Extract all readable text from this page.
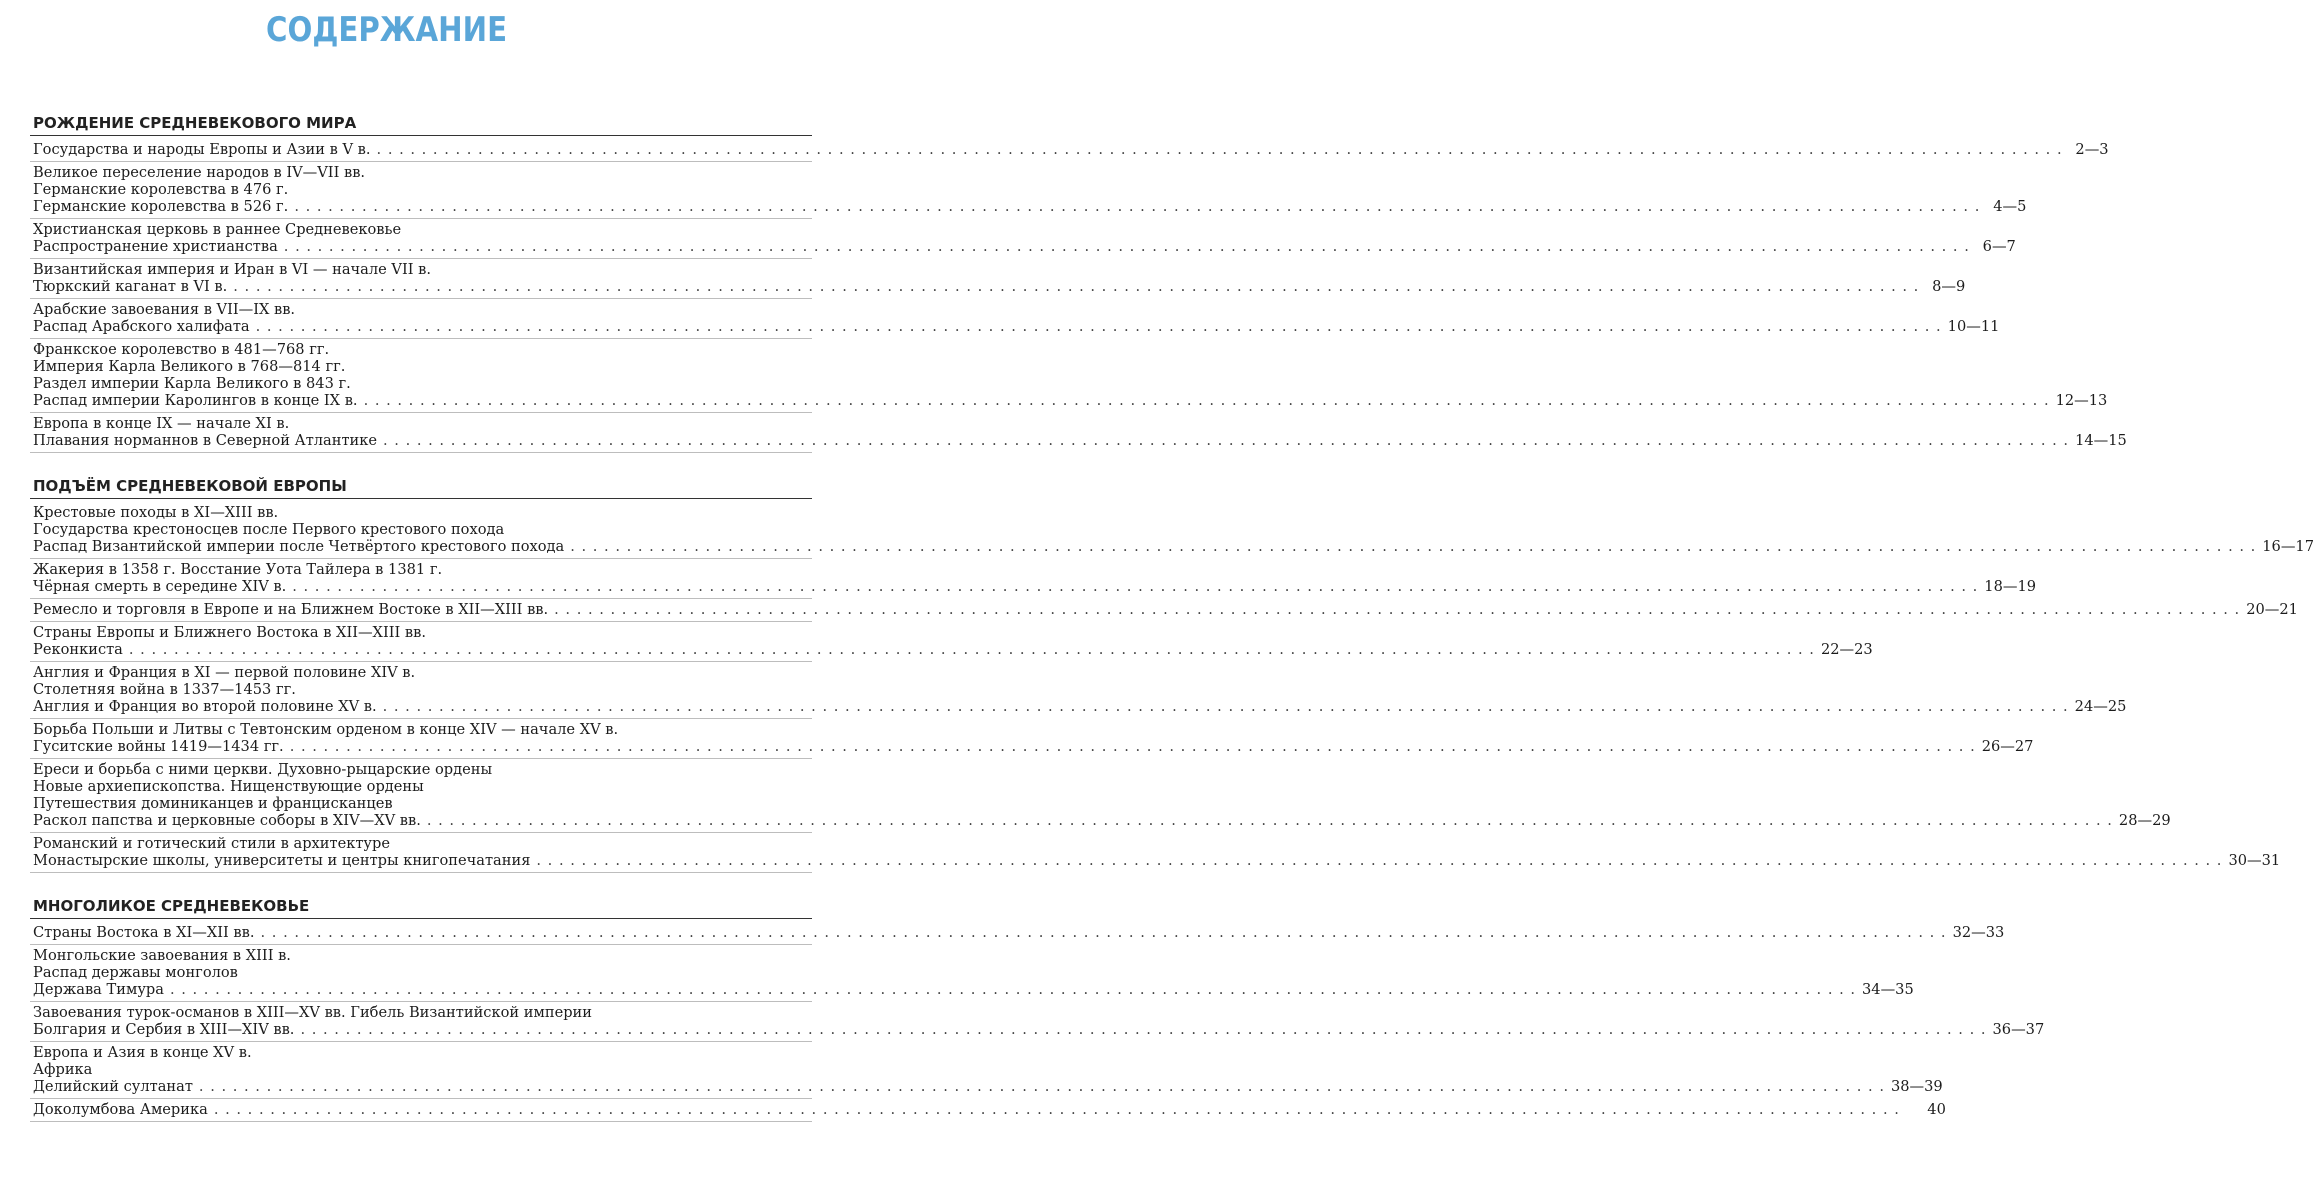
СОДЕРЖАНИЕ
РОЖДЕНИЕ СРЕДНЕВЕКОВОГО МИРА
Государства и народы Европы и Азии в V в. . . . . . . . . . . . . . . . . . . . . . . . . . . . . . . . . . . . . . . . . . . . . . . . . . . . . . . . . . . . . . . . . . . . . . . . . . . . . . . . . . . . . . . . . . . . . . . . . . . . . . . . . . . . . . . . . . . . . . . . . . . . . . . . . . . . . . . . . . . . . . . . . . . . . . . 2—3
Великое переселение народов в IV—VII вв.
Германские королевства в 476 г.
Германские королевства в 526 г. . . . . . . . . . . . . . . . . . . . . . . . . . . . . . . . . . . . . . . . . . . . . . . . . . . . . . . . . . . . . . . . . . . . . . . . . . . . . . . . . . . . . . . . . . . . . . . . . . . . . . . . . . . . . . . . . . . . . . . . . . . . . . . . . . . . . . . . . . . . . . . . . . . . . . . 4—5
Христианская церковь в раннее Средневековье
Распространение христианства . . . . . . . . . . . . . . . . . . . . . . . . . . . . . . . . . . . . . . . . . . . . . . . . . . . . . . . . . . . . . . . . . . . . . . . . . . . . . . . . . . . . . . . . . . . . . . . . . . . . . . . . . . . . . . . . . . . . . . . . . . . . . . . . . . . . . . . . . . . . . . . . . . . . . . 6—7
Византийская империя и Иран в VI — начале VII в.
Тюркский каганат в VI в. . . . . . . . . . . . . . . . . . . . . . . . . . . . . . . . . . . . . . . . . . . . . . . . . . . . . . . . . . . . . . . . . . . . . . . . . . . . . . . . . . . . . . . . . . . . . . . . . . . . . . . . . . . . . . . . . . . . . . . . . . . . . . . . . . . . . . . . . . . . . . . . . . . . . . . 8—9
Арабские завоевания в VII—IX вв.
Распад Арабского халифата . . . . . . . . . . . . . . . . . . . . . . . . . . . . . . . . . . . . . . . . . . . . . . . . . . . . . . . . . . . . . . . . . . . . . . . . . . . . . . . . . . . . . . . . . . . . . . . . . . . . . . . . . . . . . . . . . . . . . . . . . . . . . . . . . . . . . . . . . . . . . . . . . . . . . . 10—11
Франкское королевство в 481—768 гг.
Империя Карла Великого в 768—814 гг.
Раздел империи Карла Великого в 843 г.
Распад империи Каролингов в конце IX в. . . . . . . . . . . . . . . . . . . . . . . . . . . . . . . . . . . . . . . . . . . . . . . . . . . . . . . . . . . . . . . . . . . . . . . . . . . . . . . . . . . . . . . . . . . . . . . . . . . . . . . . . . . . . . . . . . . . . . . . . . . . . . . . . . . . . . . . . . . . . . . . . . . . . . . 12—13
Европа в конце IX — начале XI в.
Плавания норманнов в Северной Атлантике . . . . . . . . . . . . . . . . . . . . . . . . . . . . . . . . . . . . . . . . . . . . . . . . . . . . . . . . . . . . . . . . . . . . . . . . . . . . . . . . . . . . . . . . . . . . . . . . . . . . . . . . . . . . . . . . . . . . . . . . . . . . . . . . . . . . . . . . . . . . . . . . . . . . . . 14—15
ПОДЪЁМ СРЕДНЕВЕКОВОЙ ЕВРОПЫ
Крестовые походы в XI—XIII вв.
Государства крестоносцев после Первого крестового похода
Распад Византийской империи после Четвёртого крестового похода . . . . . . . . . . . . . . . . . . . . . . . . . . . . . . . . . . . . . . . . . . . . . . . . . . . . . . . . . . . . . . . . . . . . . . . . . . . . . . . . . . . . . . . . . . . . . . . . . . . . . . . . . . . . . . . . . . . . . . . . . . . . . . . . . . . . . . . . . . . . . . . . . . . . . . 16—17
Жакерия в 1358 г. Восстание Уота Тайлера в 1381 г.
Чёрная смерть в середине XIV в. . . . . . . . . . . . . . . . . . . . . . . . . . . . . . . . . . . . . . . . . . . . . . . . . . . . . . . . . . . . . . . . . . . . . . . . . . . . . . . . . . . . . . . . . . . . . . . . . . . . . . . . . . . . . . . . . . . . . . . . . . . . . . . . . . . . . . . . . . . . . . . . . . . . . . . 18—19
Ремесло и торговля в Европе и на Ближнем Востоке в XII—XIII вв. . . . . . . . . . . . . . . . . . . . . . . . . . . . . . . . . . . . . . . . . . . . . . . . . . . . . . . . . . . . . . . . . . . . . . . . . . . . . . . . . . . . . . . . . . . . . . . . . . . . . . . . . . . . . . . . . . . . . . . . . . . . . . . . . . . . . . . . . . . . . . . . . . . . . . . 20—21
Страны Европы и Ближнего Востока в XII—XIII вв.
Реконкиста . . . . . . . . . . . . . . . . . . . . . . . . . . . . . . . . . . . . . . . . . . . . . . . . . . . . . . . . . . . . . . . . . . . . . . . . . . . . . . . . . . . . . . . . . . . . . . . . . . . . . . . . . . . . . . . . . . . . . . . . . . . . . . . . . . . . . . . . . . . . . . . . . . . . . . 22—23
Англия и Франция в XI — первой половине XIV в.
Столетняя война в 1337—1453 гг.
Англия и Франция во второй половине XV в. . . . . . . . . . . . . . . . . . . . . . . . . . . . . . . . . . . . . . . . . . . . . . . . . . . . . . . . . . . . . . . . . . . . . . . . . . . . . . . . . . . . . . . . . . . . . . . . . . . . . . . . . . . . . . . . . . . . . . . . . . . . . . . . . . . . . . . . . . . . . . . . . . . . . . . 24—25
Борьба Польши и Литвы с Тевтонским орденом в конце XIV — начале XV в.
Гуситские войны 1419—1434 гг. . . . . . . . . . . . . . . . . . . . . . . . . . . . . . . . . . . . . . . . . . . . . . . . . . . . . . . . . . . . . . . . . . . . . . . . . . . . . . . . . . . . . . . . . . . . . . . . . . . . . . . . . . . . . . . . . . . . . . . . . . . . . . . . . . . . . . . . . . . . . . . . . . . . . . . 26—27
Ереси и борьба с ними церкви. Духовно-рыцарские ордены
Новые архиепископства. Нищенствующие ордены
Путешествия доминиканцев и францисканцев
Раскол папства и церковные соборы в XIV—XV вв. . . . . . . . . . . . . . . . . . . . . . . . . . . . . . . . . . . . . . . . . . . . . . . . . . . . . . . . . . . . . . . . . . . . . . . . . . . . . . . . . . . . . . . . . . . . . . . . . . . . . . . . . . . . . . . . . . . . . . . . . . . . . . . . . . . . . . . . . . . . . . . . . . . . . . . 28—29
Романский и готический стили в архитектуре
Монастырские школы, университеты и центры книгопечатания . . . . . . . . . . . . . . . . . . . . . . . . . . . . . . . . . . . . . . . . . . . . . . . . . . . . . . . . . . . . . . . . . . . . . . . . . . . . . . . . . . . . . . . . . . . . . . . . . . . . . . . . . . . . . . . . . . . . . . . . . . . . . . . . . . . . . . . . . . . . . . . . . . . . . . 30—31
МНОГОЛИКОЕ СРЕДНЕВЕКОВЬЕ
Страны Востока в XI—XII вв. . . . . . . . . . . . . . . . . . . . . . . . . . . . . . . . . . . . . . . . . . . . . . . . . . . . . . . . . . . . . . . . . . . . . . . . . . . . . . . . . . . . . . . . . . . . . . . . . . . . . . . . . . . . . . . . . . . . . . . . . . . . . . . . . . . . . . . . . . . . . . . . . . . . . . . 32—33
Монгольские завоевания в XIII в.
Распад державы монголов
Держава Тимура . . . . . . . . . . . . . . . . . . . . . . . . . . . . . . . . . . . . . . . . . . . . . . . . . . . . . . . . . . . . . . . . . . . . . . . . . . . . . . . . . . . . . . . . . . . . . . . . . . . . . . . . . . . . . . . . . . . . . . . . . . . . . . . . . . . . . . . . . . . . . . . . . . . . . . 34—35
Завоевания турок-османов в XIII—XV вв. Гибель Византийской империи
Болгария и Сербия в XIII—XIV вв. . . . . . . . . . . . . . . . . . . . . . . . . . . . . . . . . . . . . . . . . . . . . . . . . . . . . . . . . . . . . . . . . . . . . . . . . . . . . . . . . . . . . . . . . . . . . . . . . . . . . . . . . . . . . . . . . . . . . . . . . . . . . . . . . . . . . . . . . . . . . . . . . . . . . . . 36—37
Европа и Азия в конце XV в.
Африка
Делийский султанат . . . . . . . . . . . . . . . . . . . . . . . . . . . . . . . . . . . . . . . . . . . . . . . . . . . . . . . . . . . . . . . . . . . . . . . . . . . . . . . . . . . . . . . . . . . . . . . . . . . . . . . . . . . . . . . . . . . . . . . . . . . . . . . . . . . . . . . . . . . . . . . . . . . . . . 38—39
Доколумбова Америка . . . . . . . . . . . . . . . . . . . . . . . . . . . . . . . . . . . . . . . . . . . . . . . . . . . . . . . . . . . . . . . . . . . . . . . . . . . . . . . . . . . . . . . . . . . . . . . . . . . . . . . . . . . . . . . . . . . . . . . . . . . . . . . . . . . . . . . . . . . . . . . . . . . . . .	40
